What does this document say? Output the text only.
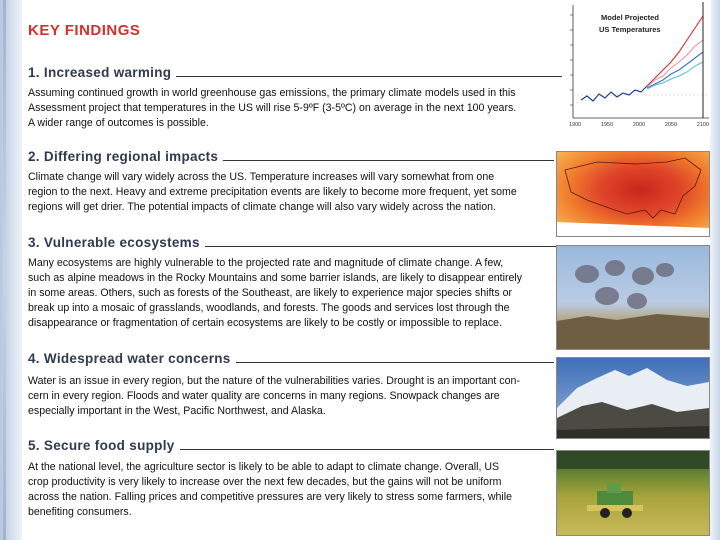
KEY FINDINGS
Model Projected
US Temperatures
1900	1950	2000	2050	2100
1. Increased warming
Assuming continued growth in world greenhouse gas emissions, the primary climate models used in this
Assessment project that temperatures in the US will rise 5-9ºF (3-5ºC) on average in the next 100 years.
A wider range of outcomes is possible.
2. Differing regional impacts
Climate change will vary widely across the US. Temperature increases will vary somewhat from one
region to the next. Heavy and extreme precipitation events are likely to become more frequent, yet some
regions will get drier. The potential impacts of climate change will also vary widely across the nation.
3. Vulnerable ecosystems
Many ecosystems are highly vulnerable to the projected rate and magnitude of climate change. A few,
such as alpine meadows in the Rocky Mountains and some barrier islands, are likely to disappear entirely
in some areas. Others, such as forests of the Southeast, are likely to experience major species shifts or
break up into a mosaic of grasslands, woodlands, and forests. The goods and services lost through the
disappearance or fragmentation of certain ecosystems are likely to be costly or impossible to replace.
4. Widespread water concerns
Water is an issue in every region, but the nature of the vulnerabilities varies. Drought is an important con-
cern in every region. Floods and water quality are concerns in many regions. Snowpack changes are
especially important in the West, Pacific Northwest, and Alaska.
5. Secure food supply
At the national level, the agriculture sector is likely to be able to adapt to climate change. Overall, US
crop productivity is very likely to increase over the next few decades, but the gains will not be uniform
across the nation. Falling prices and competitive pressures are very likely to stress some farmers, while
benefiting consumers.
